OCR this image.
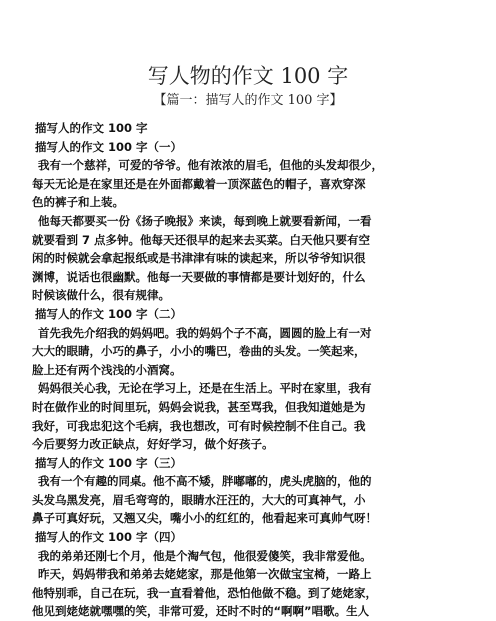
写人物的作文 100 字
【篇一：描写人的作文 100 字】
描写人的作文 100 字
描写人的作文 100 字（一）
我有一个慈祥，可爱的爷爷。他有浓浓的眉毛，但他的头发却很少，
每天无论是在家里还是在外面都戴着一顶深蓝色的帽子，喜欢穿深
色的裤子和上装。
他每天都要买一份《扬子晚报》来读，每到晚上就要看新闻，一看
就要看到 7 点多钟。他每天还很早的起来去买菜。白天他只要有空
闲的时候就会拿起报纸或是书津津有味的读起来，所以爷爷知识很
渊博，说话也很幽默。他每一天要做的事情都是要计划好的，什么
时候该做什么，很有规律。
描写人的作文 100 字（二）
首先我先介绍我的妈妈吧。我的妈妈个子不高，圆圆的脸上有一对
大大的眼睛，小巧的鼻子，小小的嘴巴，卷曲的头发。一笑起来，
脸上还有两个浅浅的小酒窝。
妈妈很关心我，无论在学习上，还是在生活上。平时在家里，我有
时在做作业的时间里玩，妈妈会说我，甚至骂我，但我知道她是为
我好，可我忠犯这个毛病，我也想改，可有时候控制不住自己。我
今后要努力改正缺点，好好学习，做个好孩子。
描写人的作文 100 字（三）
我有一个有趣的同桌。他不高不矮，胖嘟嘟的，虎头虎脑的，他的
头发乌黑发亮，眉毛弯弯的，眼睛水汪汪的，大大的可真神气，小
鼻子可真好玩，又翘又尖，嘴小小的红红的，他看起来可真帅气呀！
描写人的作文 100 字（四）
我的弟弟还刚七个月，他是个淘气包，他很爱傻笑，我非常爱他。
昨天，妈妈带我和弟弟去姥姥家，那是他第一次做宝宝椅，一路上
他特别乖，自己在玩，我一直看着他，恐怕他做不稳。到了姥姥家，
他见到姥姥就嘿嘿的笑，非常可爱，还时不时的“啊啊”唱歌。生人
